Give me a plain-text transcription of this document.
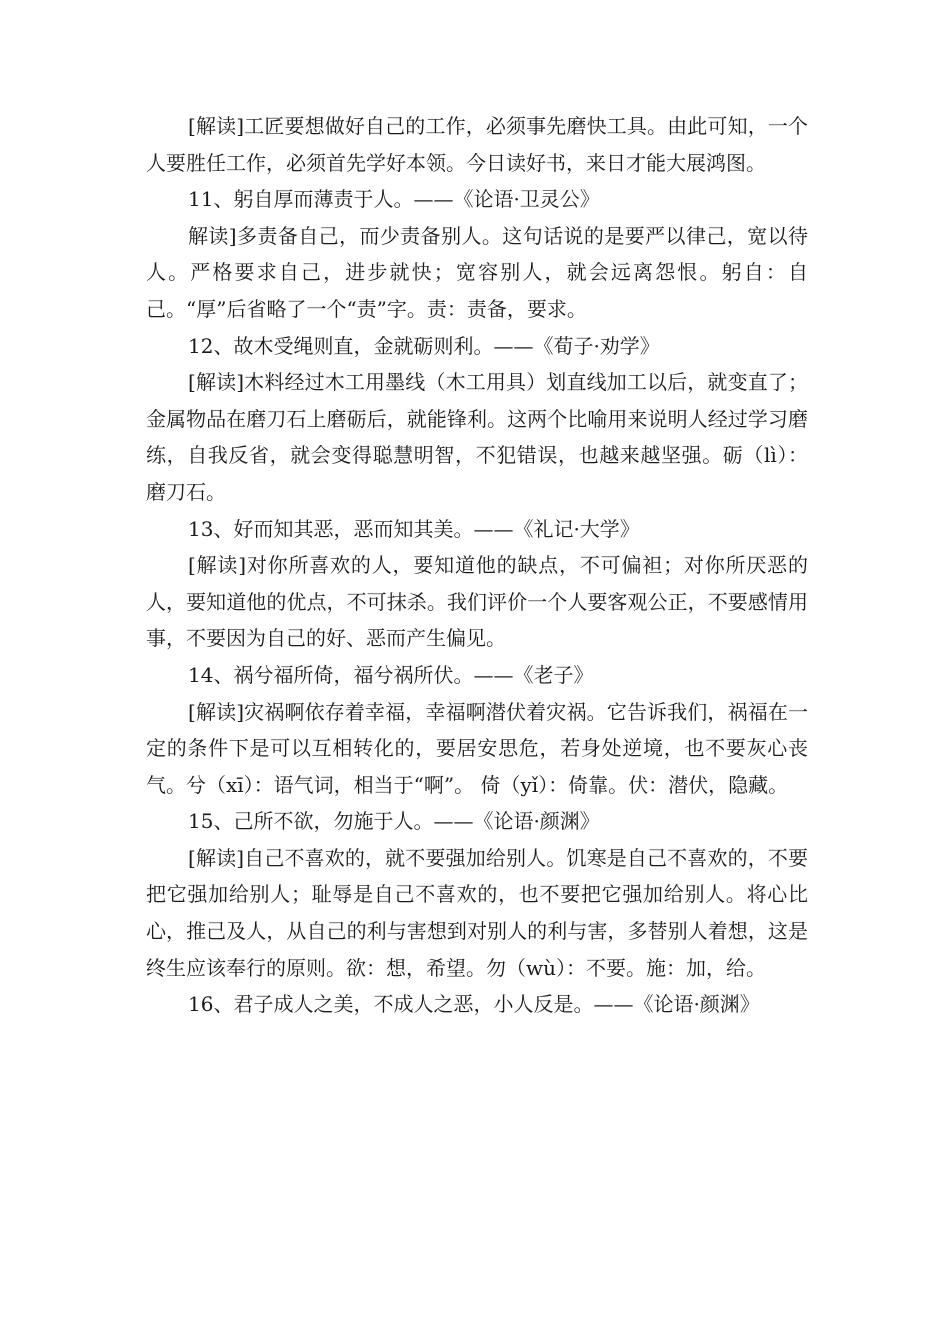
[解读]工匠要想做好自己的工作，必须事先磨快工具。由此可知，一个人要胜任工作，必须首先学好本领。今日读好书，来日才能大展鸿图。

11、躬自厚而薄责于人。——《论语·卫灵公》

解读]多责备自己，而少责备别人。这句话说的是要严以律己，宽以待人。严格要求自己，进步就快；宽容别人，就会远离怨恨。躬自：自己。“厚”后省略了一个“责”字。责：责备，要求。

12、故木受绳则直，金就砺则利。——《荀子·劝学》

[解读]木料经过木工用墨线（木工用具）划直线加工以后，就变直了；金属物品在磨刀石上磨砺后，就能锋利。这两个比喻用来说明人经过学习磨练，自我反省，就会变得聪慧明智，不犯错误，也越来越坚强。砺（lì）：磨刀石。

13、好而知其恶，恶而知其美。——《礼记·大学》

[解读]对你所喜欢的人，要知道他的缺点，不可偏袒；对你所厌恶的人，要知道他的优点，不可抹杀。我们评价一个人要客观公正，不要感情用事，不要因为自己的好、恶而产生偏见。

14、祸兮福所倚，福兮祸所伏。——《老子》

[解读]灾祸啊依存着幸福，幸福啊潜伏着灾祸。它告诉我们，祸福在一定的条件下是可以互相转化的，要居安思危，若身处逆境，也不要灰心丧气。兮（xī）：语气词，相当于“啊”。 倚（yǐ）：倚靠。伏：潜伏，隐藏。

15、己所不欲，勿施于人。——《论语·颜渊》

[解读]自己不喜欢的，就不要强加给别人。饥寒是自己不喜欢的，不要把它强加给别人；耻辱是自己不喜欢的，也不要把它强加给别人。将心比心，推己及人，从自己的利与害想到对别人的利与害，多替别人着想，这是终生应该奉行的原则。欲：想，希望。勿（wù）：不要。施：加，给。

16、君子成人之美，不成人之恶，小人反是。——《论语·颜渊》
